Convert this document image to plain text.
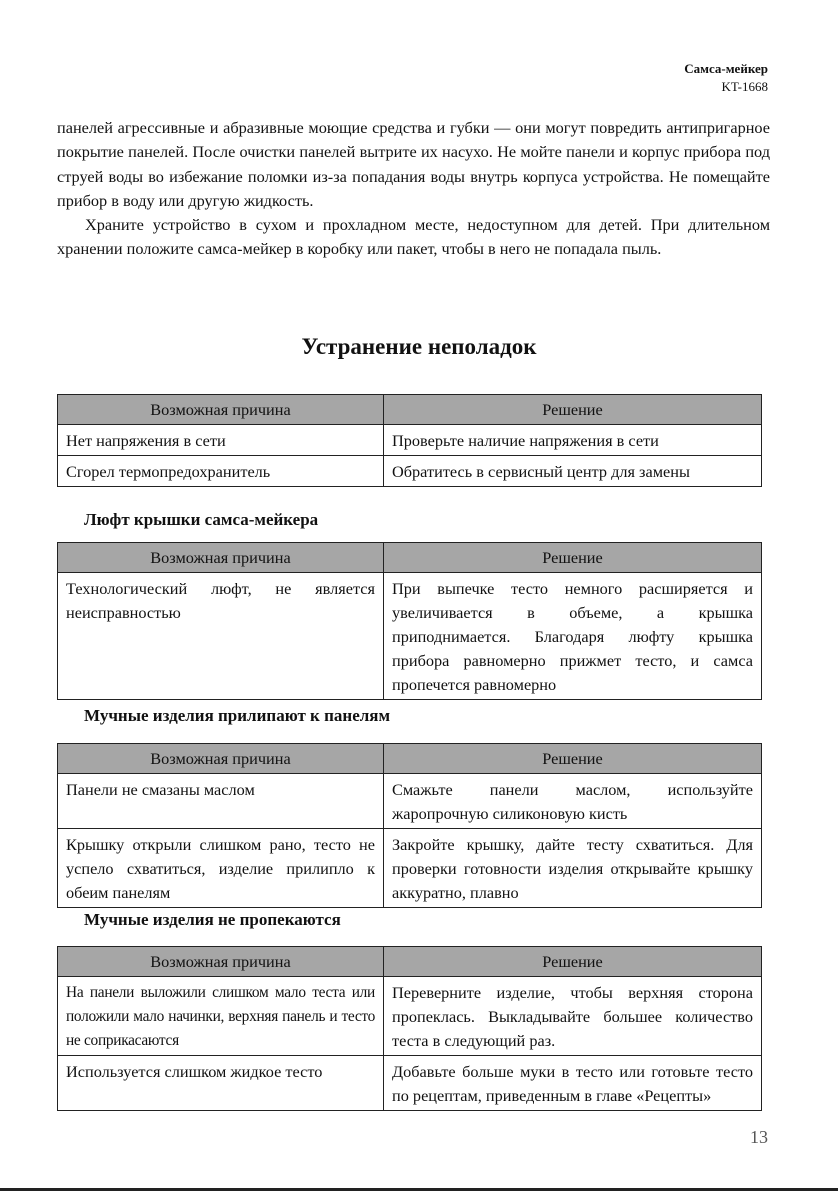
Самса-мейкер
KT-1668

панелей агрессивные и абразивные моющие средства и губки — они могут повредить антипригарное покрытие панелей. После очистки панелей вытрите их насухо. Не мойте панели и корпус прибора под струей воды во избежание поломки из-за попадания воды внутрь корпуса устройства. Не помещайте прибор в воду или другую жидкость.

Храните устройство в сухом и прохладном месте, недоступном для детей. При длительном хранении положите самса-мейкер в коробку или пакет, чтобы в него не попадала пыль.

Устранение неполадок
Возможная причина	Решение
Нет напряжения в сети	Проверьте наличие напряжения в сети
Сгорел термопредохранитель	Обратитесь в сервисный центр для замены
Люфт крышки самса-мейкера
Возможная причина	Решение
Технологический люфт, не является неисправностью	При выпечке тесто немного расширяется и увеличивается в объеме, а крышка приподнимается. Благодаря люфту крышка прибора равномерно прижмет тесто, и самса пропечется равномерно
Мучные изделия прилипают к панелям
Возможная причина	Решение
Панели не смазаны маслом	Смажьте панели маслом, используйте жаропрочную силиконовую кисть
Крышку открыли слишком рано, тесто не успело схватиться, изделие прилипло к обеим панелям	Закройте крышку, дайте тесту схватиться. Для проверки готовности изделия открывайте крышку аккуратно, плавно
Мучные изделия не пропекаются
Возможная причина	Решение
На панели выложили слишком мало теста или положили мало начинки, верхняя панель и тесто не соприкасаются	Переверните изделие, чтобы верхняя сторона пропеклась. Выкладывайте большее количество теста в следующий раз.
Используется слишком жидкое тесто	Добавьте больше муки в тесто или готовьте тесто по рецептам, приведенным в главе «Рецепты»
13
